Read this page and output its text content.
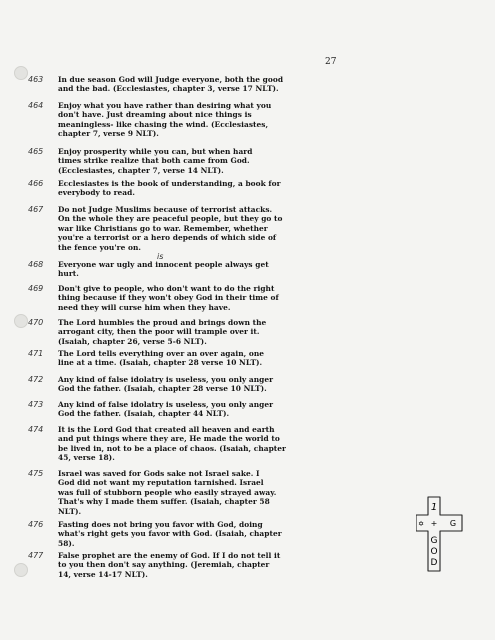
27
463	In due season God will Judge everyone, both the good
and the bad. (Ecclesiastes, chapter 3, verse 17 NLT).
464	Enjoy what you have rather than desiring what you
don't have. Just dreaming about nice things is
meaningless- like chasing the wind. (Ecclesiastes,
chapter 7, verse 9 NLT).
465	Enjoy prosperity while you can, but when hard
times strike realize that both came from God.
(Ecclesiastes, chapter 7, verse 14 NLT).
466	Ecclesiastes is the book of understanding, a book for
everybody to read.
467	Do not Judge Muslims because of terrorist attacks.
On the whole they are peaceful people, but they go to
war like Christians go to war. Remember, whether
you're a terrorist or a hero depends of which side of
the fence you're on.
is
468	Everyone war ugly and innocent people always get
hurt.
469	Don't give to people, who don't want to do the right
thing because if they won't obey God in their time of
need they will curse him when they have.
470	The Lord humbles the proud and brings down the
arrogant city, then the poor will trample over it.
(Isaiah, chapter 26, verse 5-6 NLT).
471	The Lord tells everything over an over again, one
line at a time. (Isaiah, chapter 28 verse 10 NLT).
472	Any kind of false idolatry is useless, you only anger
God the father. (Isaiah, chapter 28 verse 10 NLT).
473	Any kind of false idolatry is useless, you only anger
God the father. (Isaiah, chapter 44 NLT).
474	It is the Lord God that created all heaven and earth
and put things where they are, He made the world to
be lived in, not to be a place of chaos. (Isaiah, chapter
45, verse 18).
475	Israel was saved for Gods sake not Israel sake. I
God did not want my reputation tarnished. Israel
was full of stubborn people who easily strayed away.
That's why I made them suffer. (Isaiah, chapter 58
NLT).
476	Fasting does not bring you favor with God, doing
what's right gets you favor with God. (Isaiah, chapter
58).
477	False prophet are the enemy of God. If I do not tell it
to you then don't say anything. (Jeremiah, chapter
14, verse 14-17 NLT).
1
✡ + G
G
O
D
